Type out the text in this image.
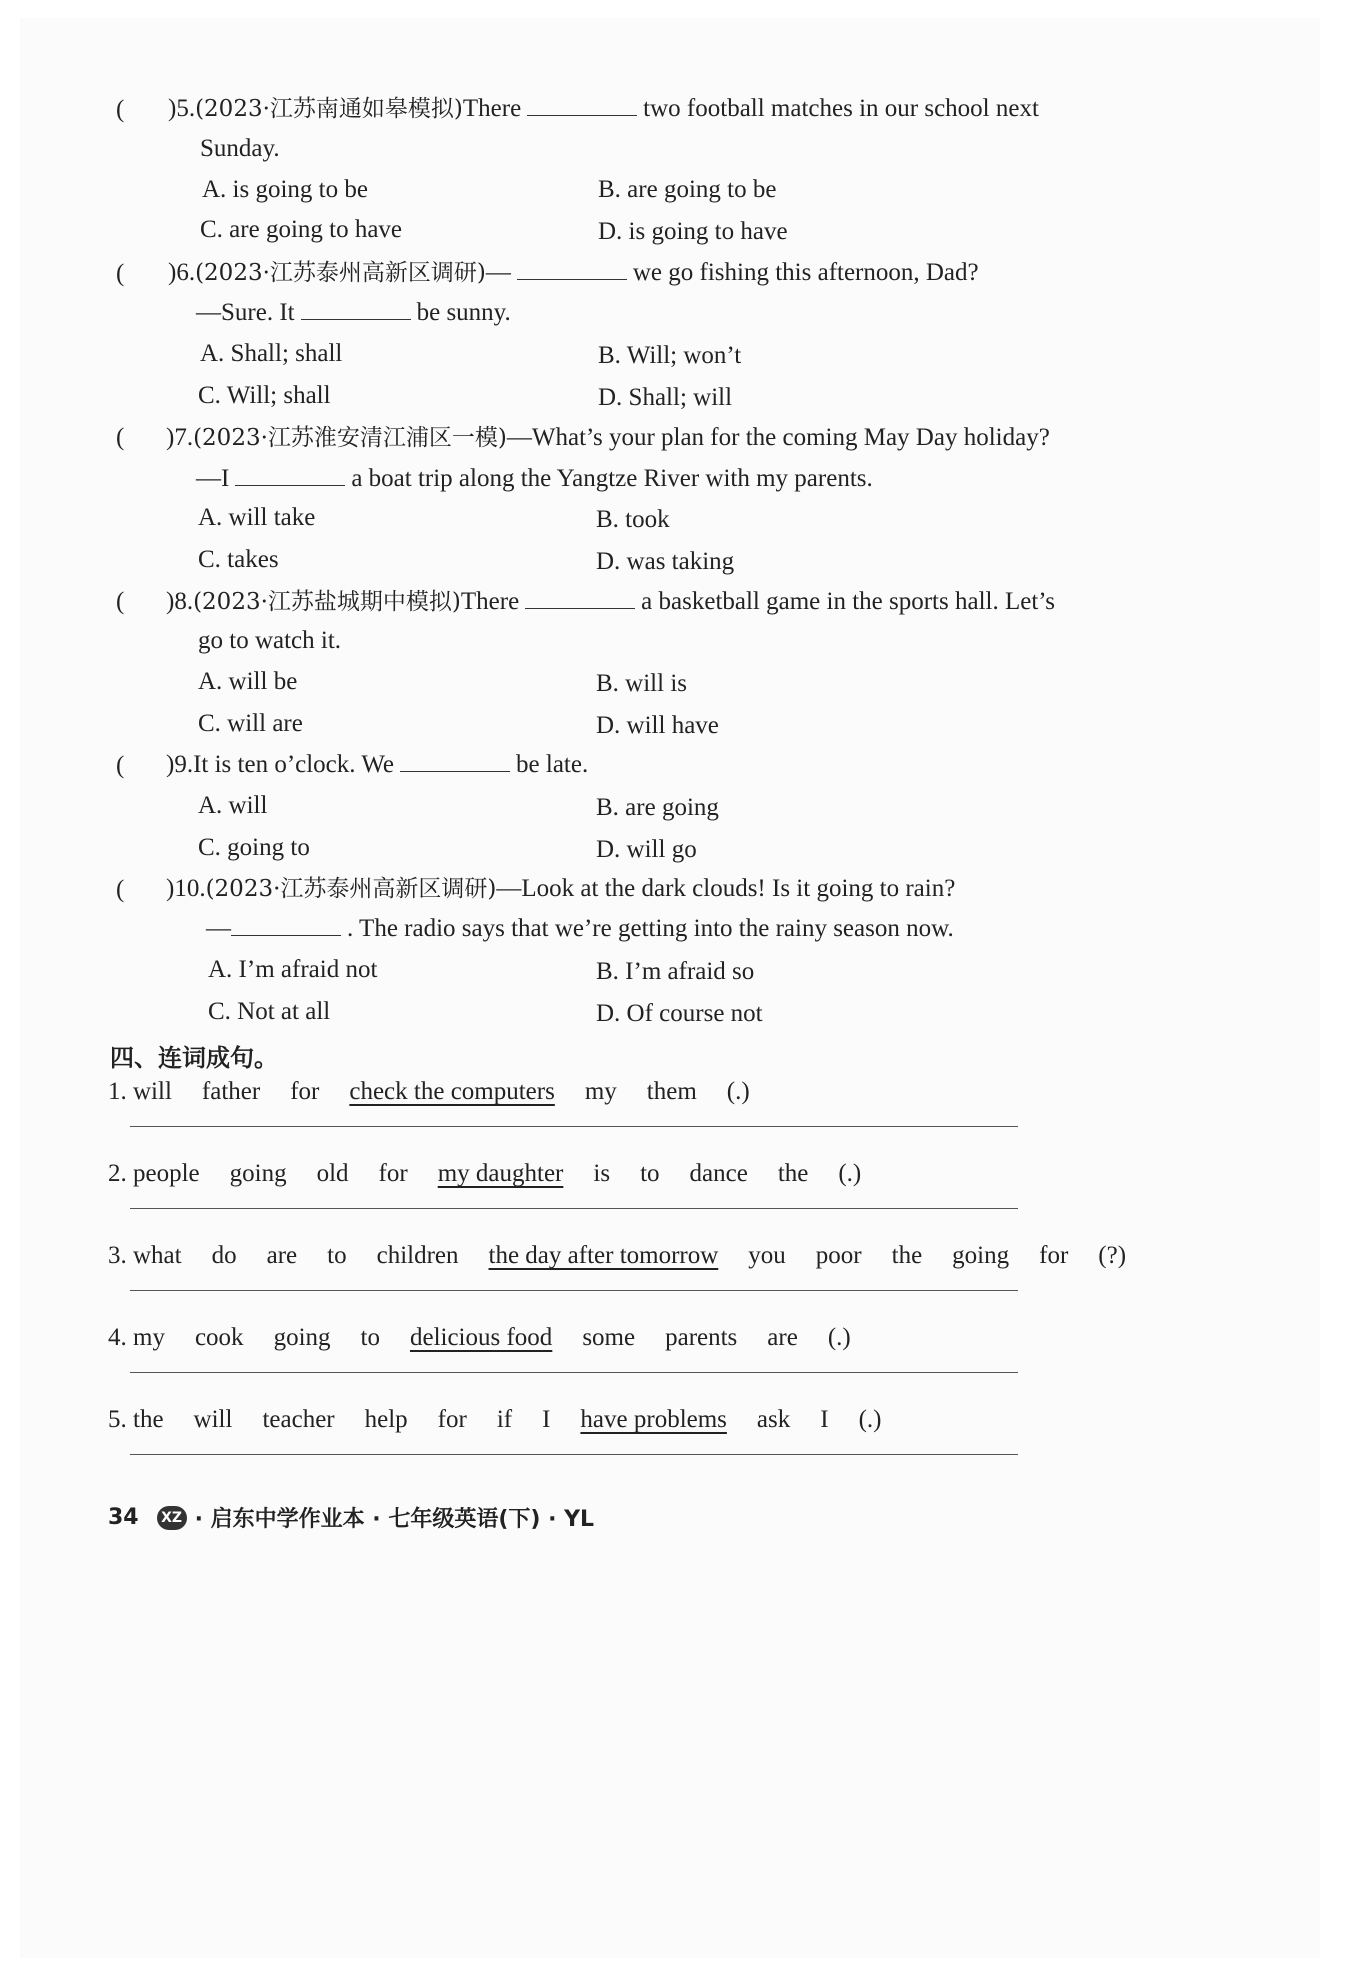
( )5.(2023·江苏南通如皋模拟)There	two football matches in our school next
Sunday.
A. is going to be	B. are going to be
C. are going to have	D. is going to have
( )6.(2023·江苏泰州高新区调研)—	we go fishing this afternoon, Dad?
—Sure. It	be sunny.
A. Shall; shall	B. Will; won’t
C. Will; shall	D. Shall; will
( )7.(2023·江苏淮安清江浦区一模)—What’s your plan for the coming May Day holiday?
—I	a boat trip along the Yangtze River with my parents.
A. will take	B. took
C. takes	D. was taking
( )8.(2023·江苏盐城期中模拟)There	a basketball game in the sports hall. Let’s
go to watch it.
A. will be	B. will is
C. will are	D. will have
( )9.It is ten o’clock. We	be late.
A. will	B. are going
C. going to	D. will go
( )10.(2023·江苏泰州高新区调研)—Look at the dark clouds! Is it going to rain?
—	. The radio says that we’re getting into the rainy season now.
A. I’m afraid not	B. I’m afraid so
C. Not at all	D. Of course not
四、连词成句。
1. will father for check the computers my them (.)
2. people going old for my daughter is to dance the (.)
3. what do are to children the day after tomorrow you poor the going for (?)
4. my cook going to delicious food some parents are (.)
5. the will teacher help for if I have problems ask I (.)
34	XZ · 启东中学作业本 · 七年级英语(下) · YL
